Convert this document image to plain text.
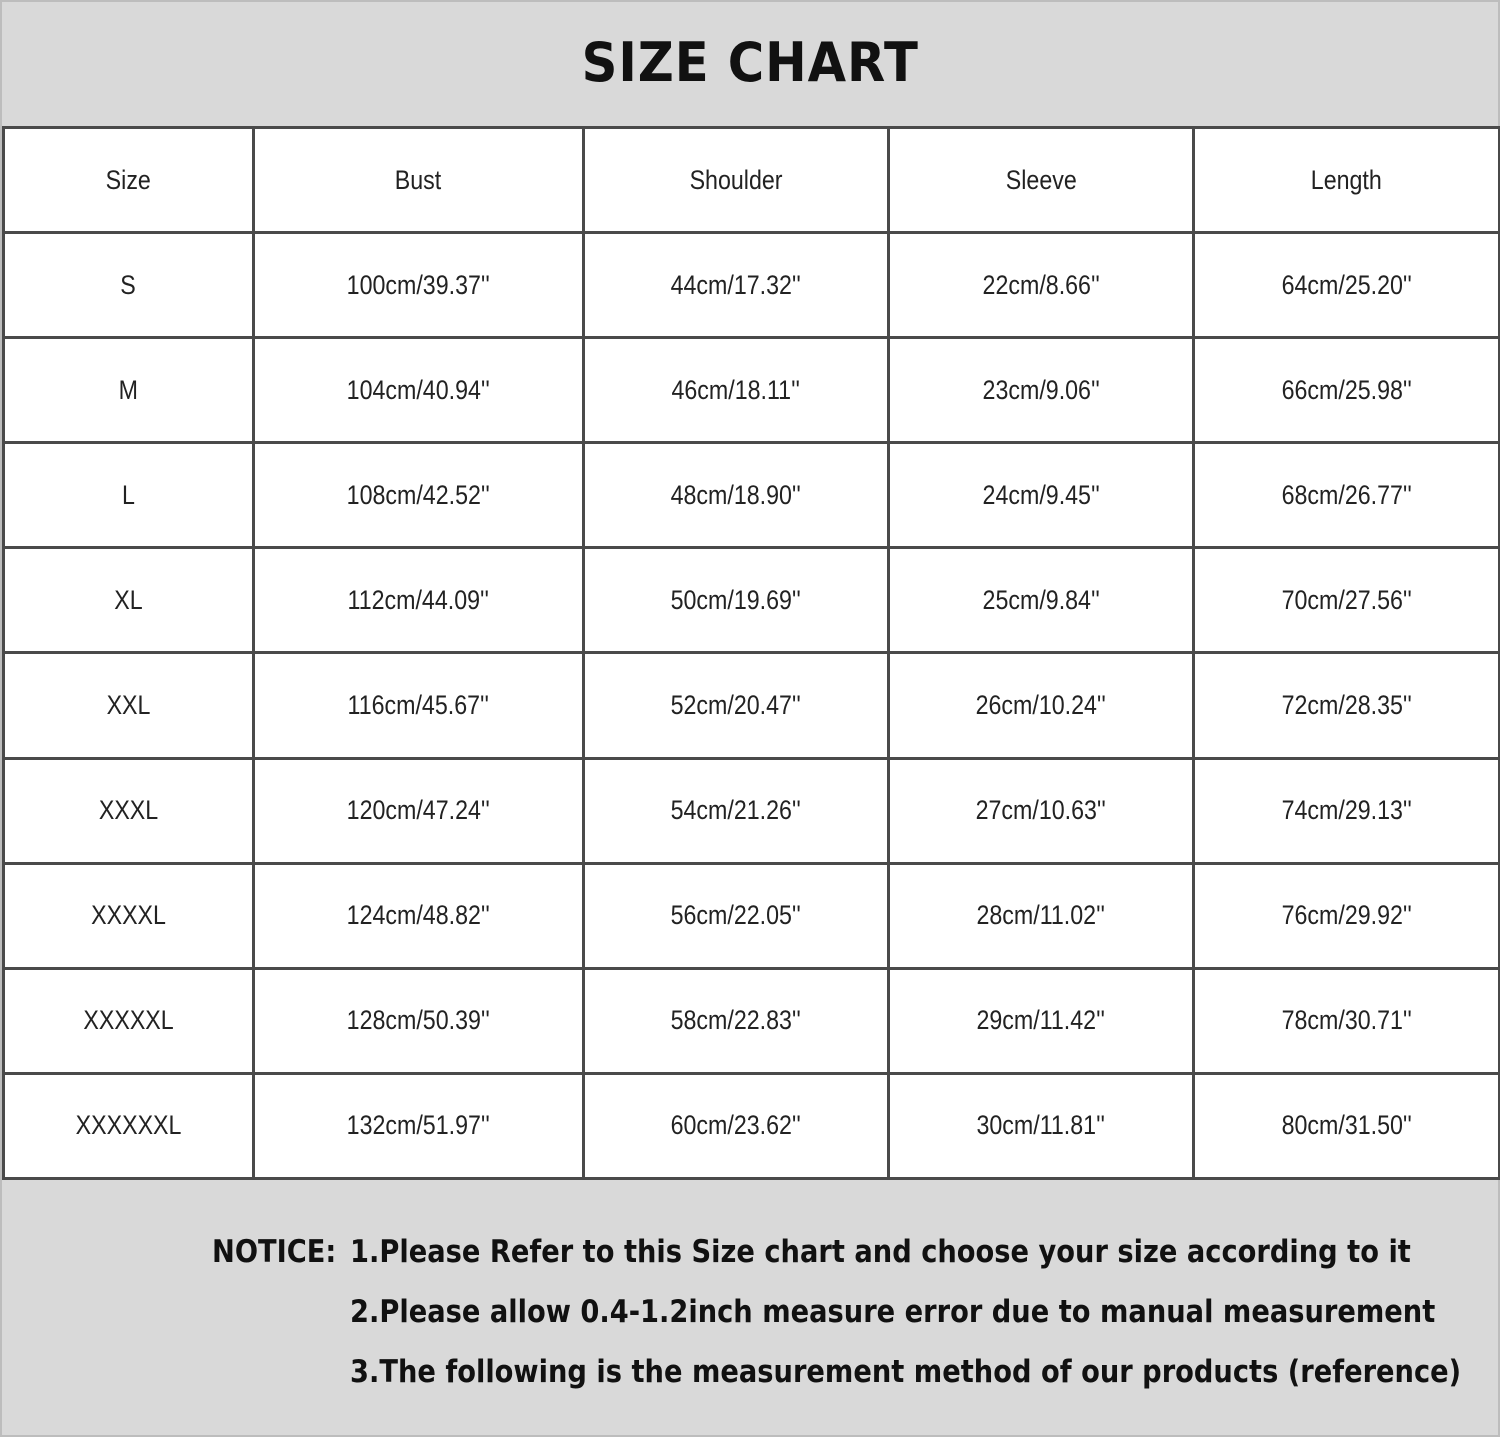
SIZE CHART
Size	Bust	Shoulder	Sleeve	Length
S	100cm/39.37''	44cm/17.32''	22cm/8.66''	64cm/25.20''
M	104cm/40.94''	46cm/18.11''	23cm/9.06''	66cm/25.98''
L	108cm/42.52''	48cm/18.90''	24cm/9.45''	68cm/26.77''
XL	112cm/44.09''	50cm/19.69''	25cm/9.84''	70cm/27.56''
XXL	116cm/45.67''	52cm/20.47''	26cm/10.24''	72cm/28.35''
XXXL	120cm/47.24''	54cm/21.26''	27cm/10.63''	74cm/29.13''
XXXXL	124cm/48.82''	56cm/22.05''	28cm/11.02''	76cm/29.92''
XXXXXL	128cm/50.39''	58cm/22.83''	29cm/11.42''	78cm/30.71''
XXXXXXL	132cm/51.97''	60cm/23.62''	30cm/11.81''	80cm/31.50''
NOTICE: 1.Please Refer to this Size chart and choose your size according to it
2.Please allow 0.4-1.2inch measure error due to manual measurement
3.The following is the measurement method of our products (reference)
